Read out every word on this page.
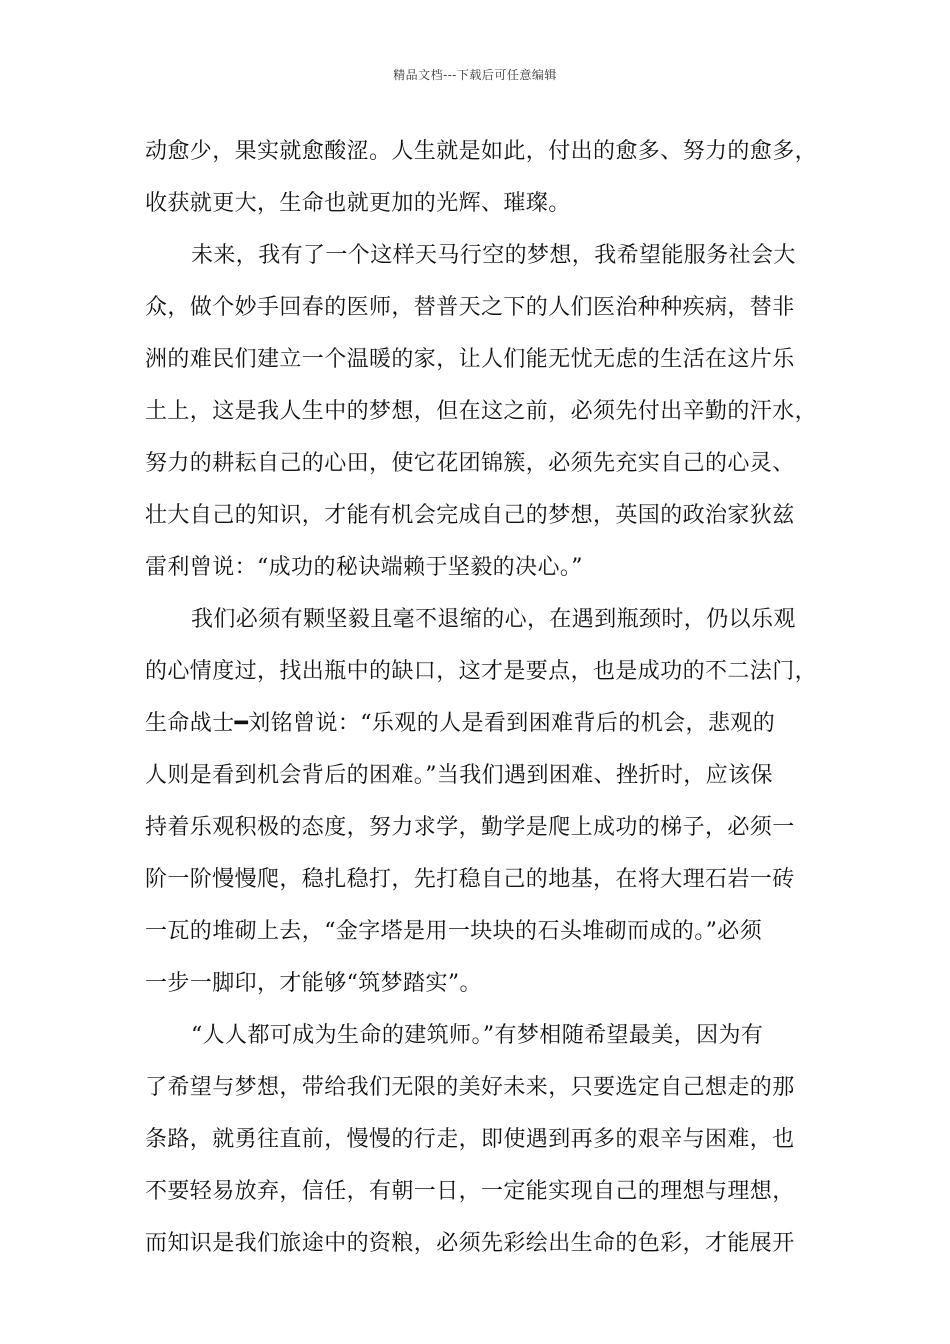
精品文档---下载后可任意编辑
动愈少，果实就愈酸涩。人生就是如此，付出的愈多、努力的愈多，
收获就更大，生命也就更加的光辉、璀璨。
未来，我有了一个这样天马行空的梦想，我希望能服务社会大
众，做个妙手回春的医师，替普天之下的人们医治种种疾病，替非
洲的难民们建立一个温暖的家，让人们能无忧无虑的生活在这片乐
土上，这是我人生中的梦想，但在这之前，必须先付出辛勤的汗水，
努力的耕耘自己的心田，使它花团锦簇，必须先充实自己的心灵、
壮大自己的知识，才能有机会完成自己的梦想，英国的政治家狄兹
雷利曾说：“成功的秘诀端赖于坚毅的决心。”
我们必须有颗坚毅且毫不退缩的心，在遇到瓶颈时，仍以乐观
的心情度过，找出瓶中的缺口，这才是要点，也是成功的不二法门，
生命战士━刘铭曾说：“乐观的人是看到困难背后的机会，悲观的
人则是看到机会背后的困难。”当我们遇到困难、挫折时，应该保
持着乐观积极的态度，努力求学，勤学是爬上成功的梯子，必须一
阶一阶慢慢爬，稳扎稳打，先打稳自己的地基，在将大理石岩一砖
一瓦的堆砌上去，“金字塔是用一块块的石头堆砌而成的。”必须
一步一脚印，才能够“筑梦踏实”。
“人人都可成为生命的建筑师。”有梦相随希望最美，因为有
了希望与梦想，带给我们无限的美好未来，只要选定自己想走的那
条路，就勇往直前，慢慢的行走，即使遇到再多的艰辛与困难，也
不要轻易放弃，信任，有朝一日，一定能实现自己的理想与理想，
而知识是我们旅途中的资粮，必须先彩绘出生命的色彩，才能展开
